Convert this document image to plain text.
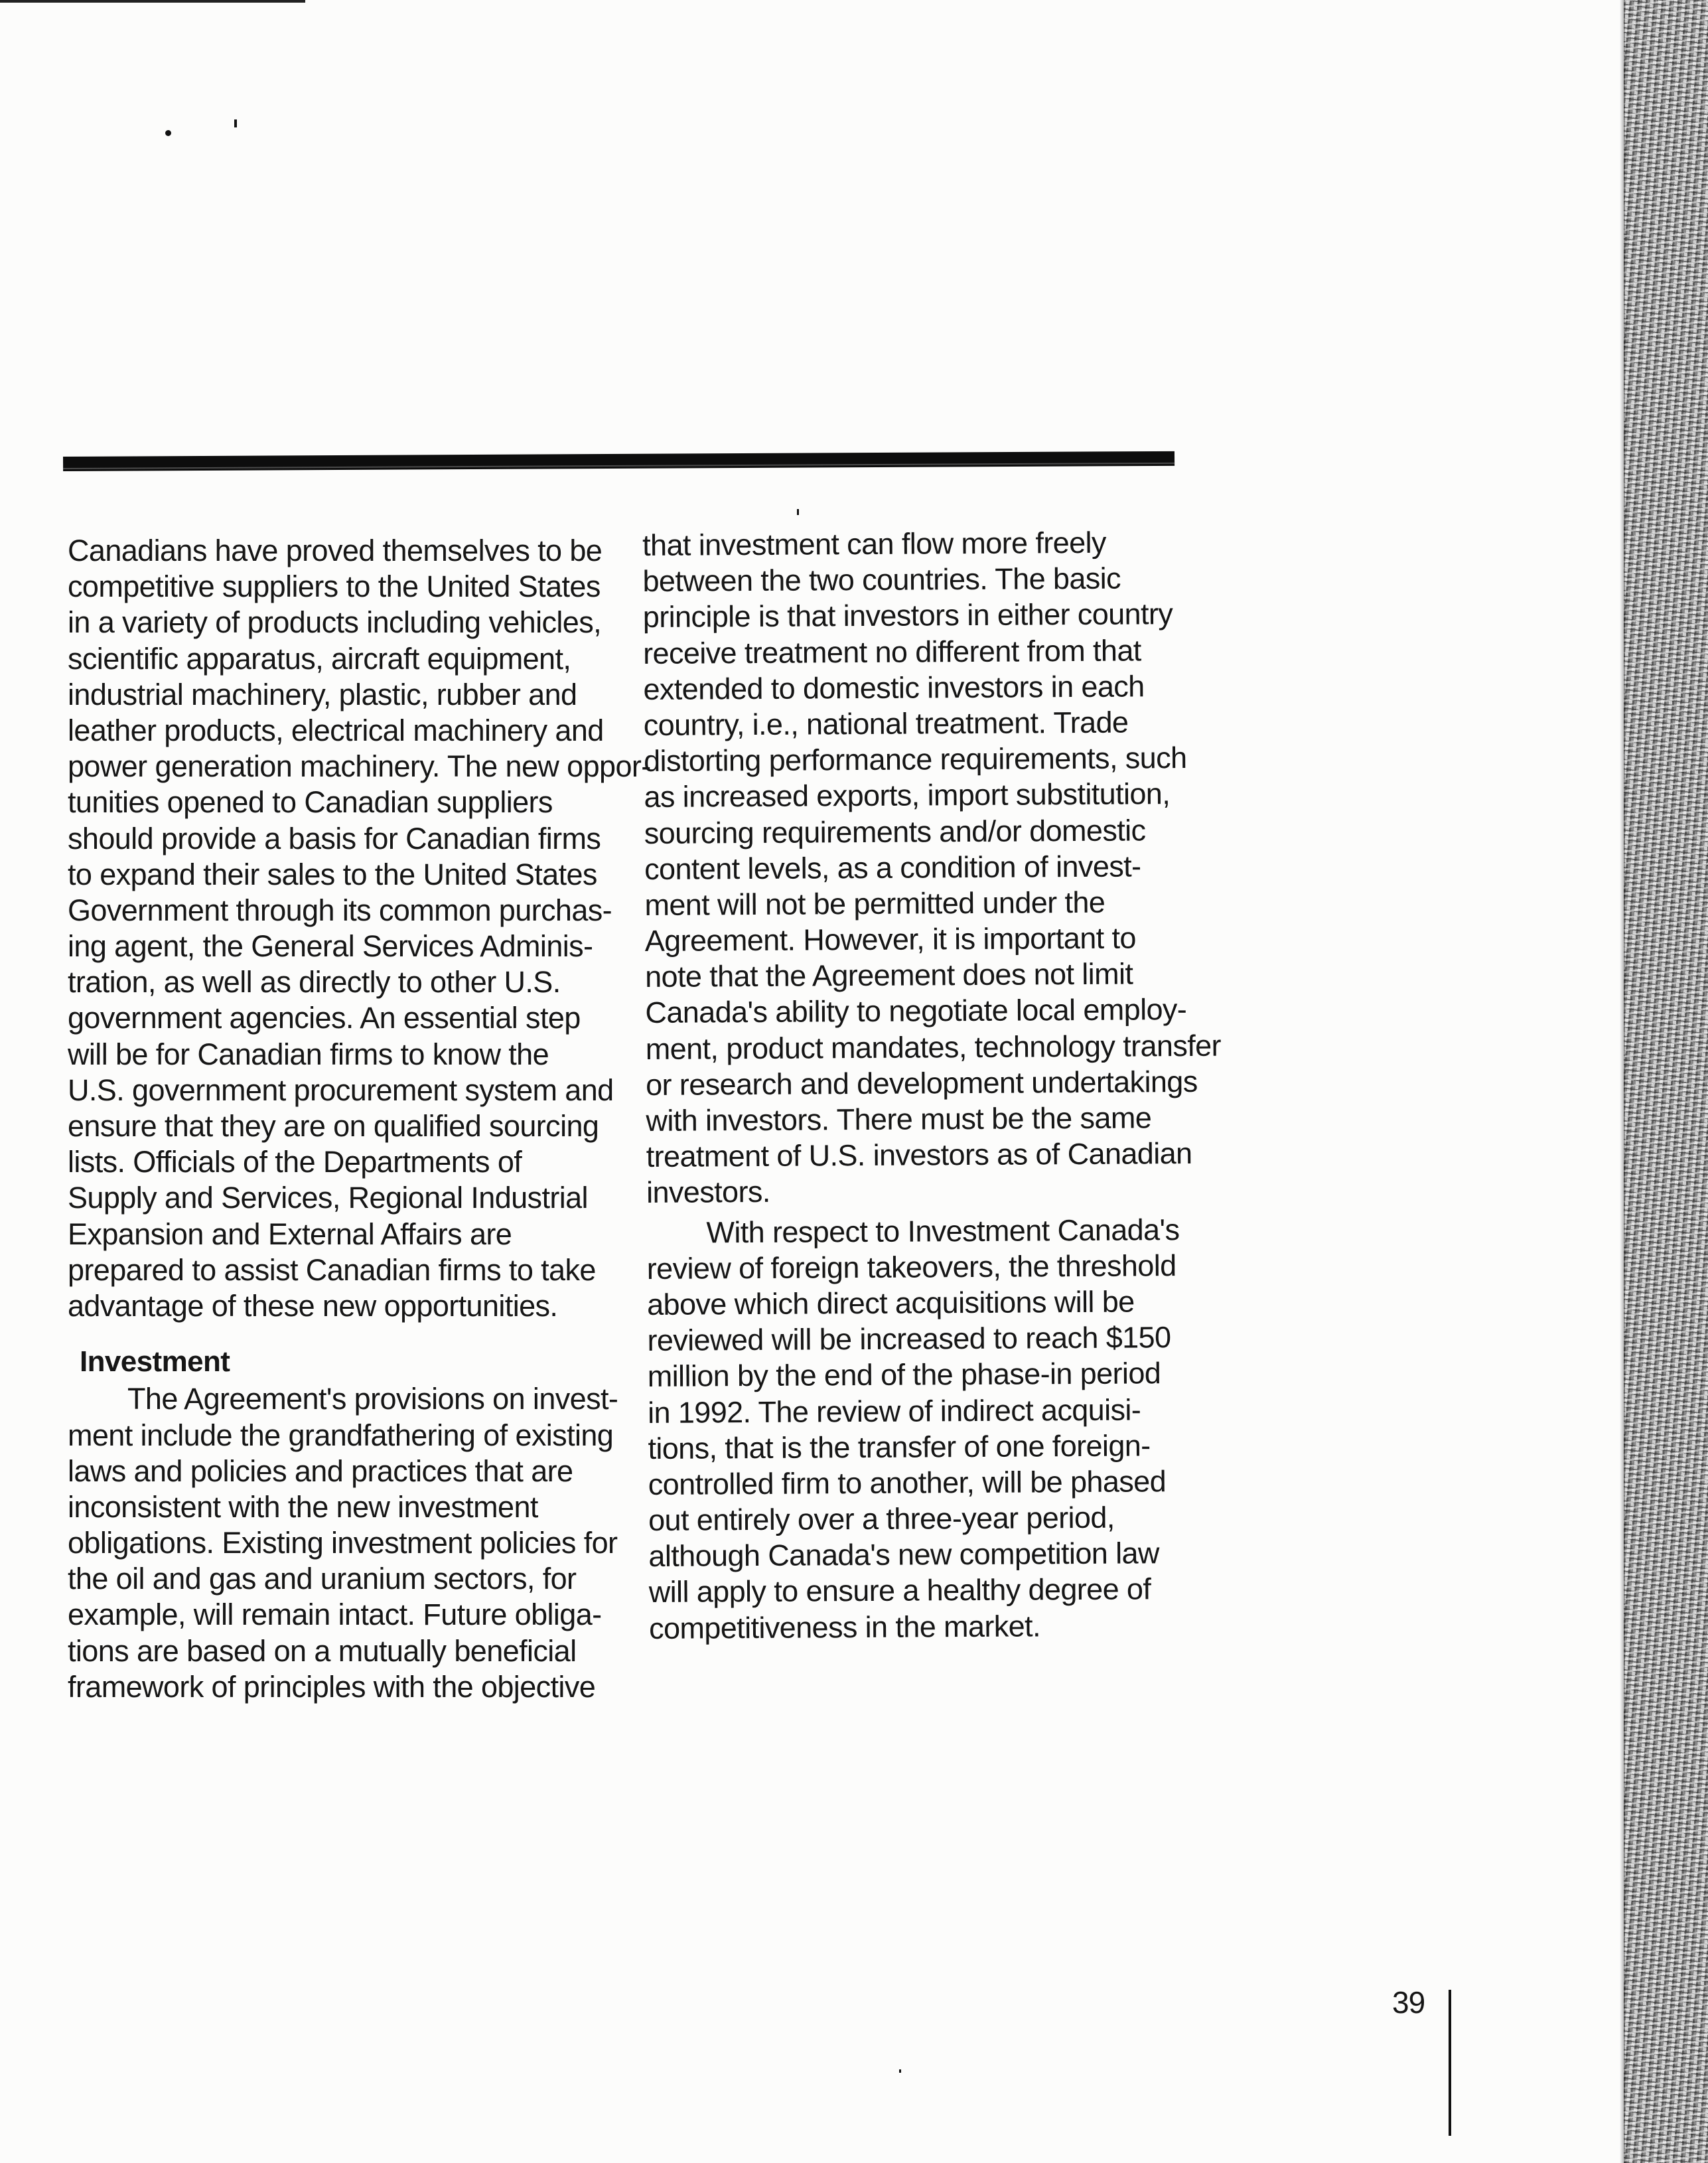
Canadians have proved themselves to be
competitive suppliers to the United States
in a variety of products including vehicles,
scientific apparatus, aircraft equipment,
industrial machinery, plastic, rubber and
leather products, electrical machinery and
power generation machinery. The new oppor-
tunities opened to Canadian suppliers
should provide a basis for Canadian firms
to expand their sales to the United States
Government through its common purchas-
ing agent, the General Services Adminis-
tration, as well as directly to other U.S.
government agencies. An essential step
will be for Canadian firms to know the
U.S. government procurement system and
ensure that they are on qualified sourcing
lists. Officials of the Departments of
Supply and Services, Regional Industrial
Expansion and External Affairs are
prepared to assist Canadian firms to take
advantage of these new opportunities.
Investment
The Agreement's provisions on invest-
ment include the grandfathering of existing
laws and policies and practices that are
inconsistent with the new investment
obligations. Existing investment policies for
the oil and gas and uranium sectors, for
example, will remain intact. Future obliga-
tions are based on a mutually beneficial
framework of principles with the objective
that investment can flow more freely
between the two countries. The basic
principle is that investors in either country
receive treatment no different from that
extended to domestic investors in each
country, i.e., national treatment. Trade
distorting performance requirements, such
as increased exports, import substitution,
sourcing requirements and/or domestic
content levels, as a condition of invest-
ment will not be permitted under the
Agreement. However, it is important to
note that the Agreement does not limit
Canada's ability to negotiate local employ-
ment, product mandates, technology transfer
or research and development undertakings
with investors. There must be the same
treatment of U.S. investors as of Canadian
investors.
With respect to Investment Canada's
review of foreign takeovers, the threshold
above which direct acquisitions will be
reviewed will be increased to reach $150
million by the end of the phase-in period
in 1992. The review of indirect acquisi-
tions, that is the transfer of one foreign-
controlled firm to another, will be phased
out entirely over a three-year period,
although Canada's new competition law
will apply to ensure a healthy degree of
competitiveness in the market.
39
